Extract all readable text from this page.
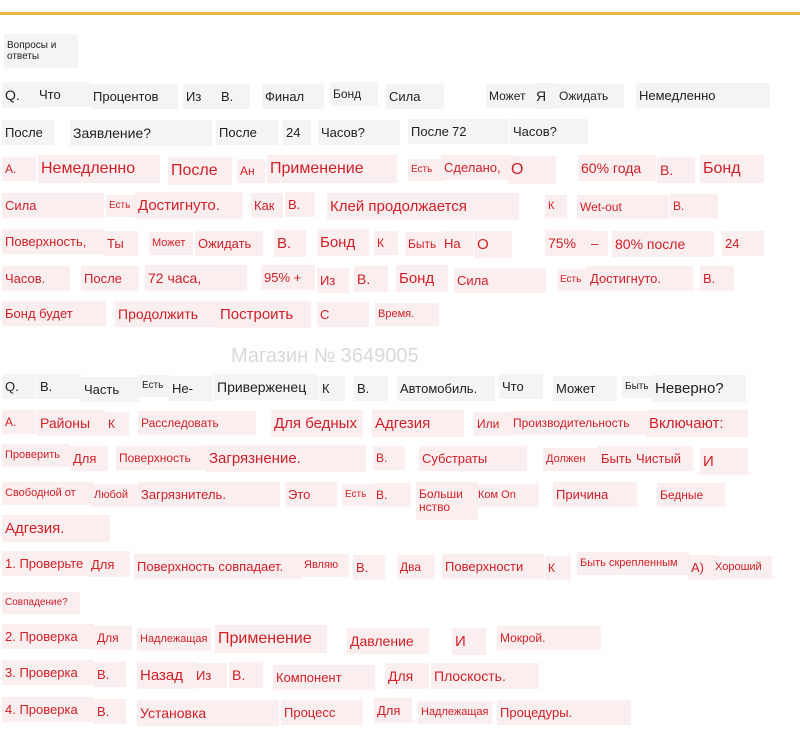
Вопросы и
ответы
Q.	Что	Процентов	Из	В.	Финал	Бонд	Сила	Может Я	Ожидать	Немедленно
После	Заявление?	После	24	Часов?	После 72	Часов?
A.	Немедленно	После	Ан Применение	Есть Сделано, О	60% года	В.	Бонд
Сила	Есть Достигнуто.	Как	В.	Клей продолжается	К	Wet-out	В.
Поверхность,	Ты	Может Ожидать	В.	Бонд	К	Быть На	О	75%	–	80% после	24
Часов.	После	72 часа,	95% +	Из	В.	Бонд	Сила	Есть Достигнуто.	В.
Бонд будет	Продолжить	Построить	С	Время.
Магазин № 3649005
Q.	В.	Часть	Есть Не-	Приверженец	К	В.	Автомобиль.	Что	Может	Быть Неверно?
A.	Районы	К	Расследовать	Для бедных	Адгезия	Или	Производительность	Включают:
Проверить Для	Поверхность	Загрязнение.	В.	Субстраты	Должен	Быть Чистый	И
Свободной от	Любой Загрязнитель.	Это	Есть В.	Больши
нство
Ком On	Причина	Бедные
Адгезия.
1. Проверьте Для	Поверхность совпадает.	Являю	В.	Два	Поверхности	К	Быть скрепленным	A)	Хороший
Совпадение?
2. Проверка	Для	Надлежащая Применение	Давление	И	Мокрой.
3. Проверка	В.	Назад	Из	В.	Компонент	Для	Плоскость.
4. Проверка	В.	Установка	Процесс	Для	Надлежащая Процедуры.
